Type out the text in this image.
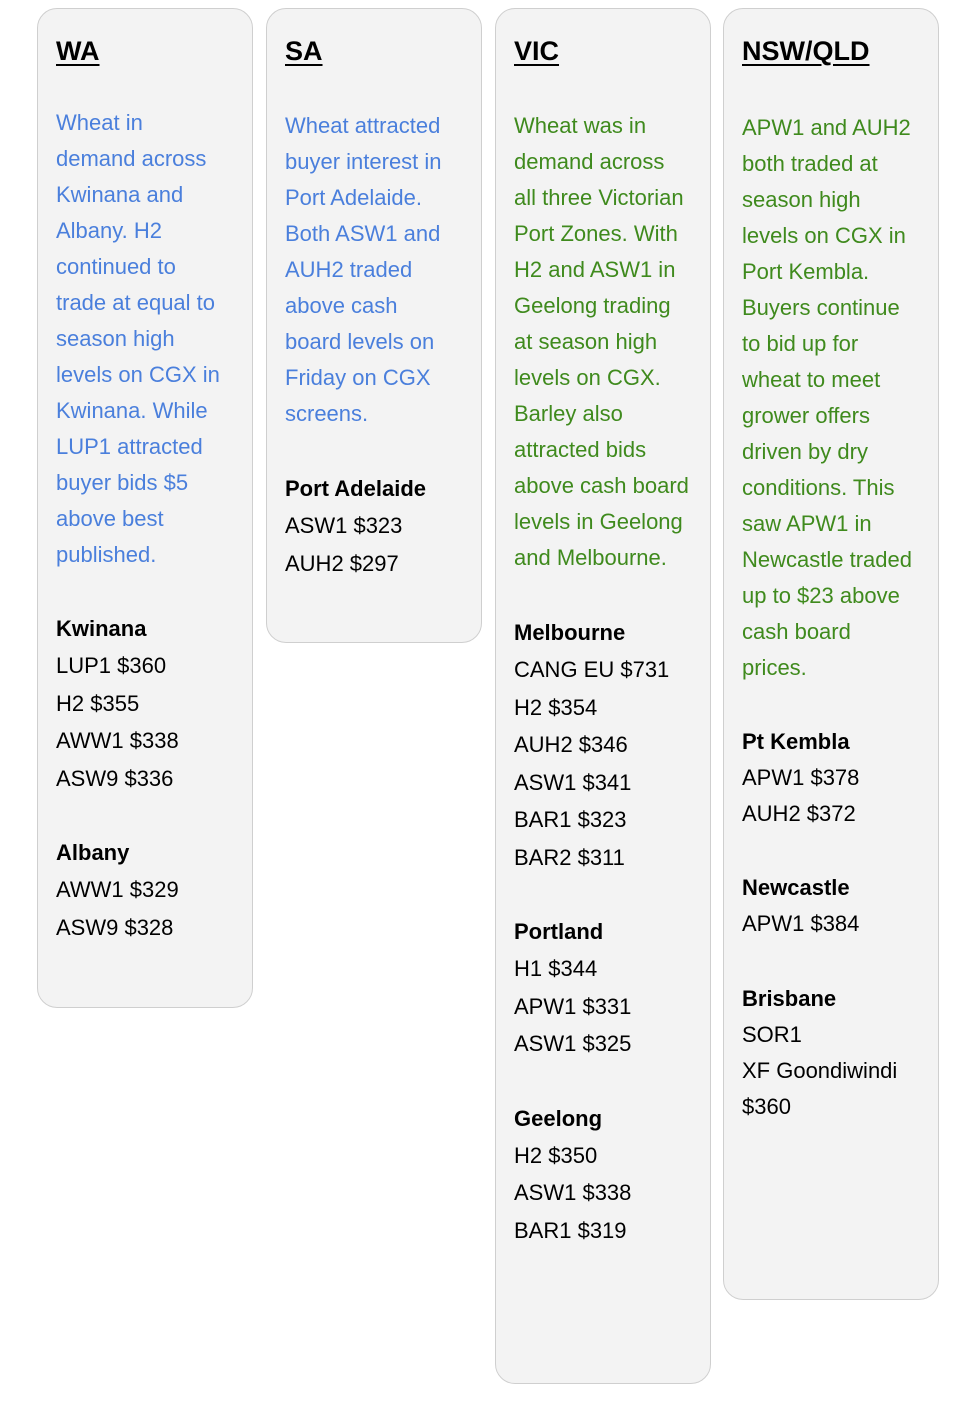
WA

Wheat in demand across Kwinana and Albany. H2 continued to trade at equal to season high levels on CGX in Kwinana. While LUP1 attracted buyer bids $5 above best published.

Kwinana
LUP1 $360
H2 $355
AWW1 $338
ASW9 $336
Albany
AWW1 $329
ASW9 $328
SA

Wheat attracted buyer interest in Port Adelaide. Both ASW1 and AUH2 traded above cash board levels on Friday on CGX screens.

Port Adelaide
ASW1 $323
AUH2 $297
VIC

Wheat was in demand across all three Victorian Port Zones. With H2 and ASW1 in Geelong trading at season high levels on CGX. Barley also attracted bids above cash board levels in Geelong and Melbourne.

Melbourne
CANG EU $731
H2 $354
AUH2 $346
ASW1 $341
BAR1 $323
BAR2 $311
Portland
H1 $344
APW1 $331
ASW1 $325
Geelong
H2 $350
ASW1 $338
BAR1 $319
NSW/QLD

APW1 and AUH2 both traded at season high levels on CGX in Port Kembla. Buyers continue to bid up for wheat to meet grower offers driven by dry conditions. This saw APW1 in Newcastle traded up to $23 above cash board prices.

Pt Kembla
APW1 $378
AUH2 $372
Newcastle
APW1 $384
Brisbane
SOR1
XF Goondiwindi
$360
